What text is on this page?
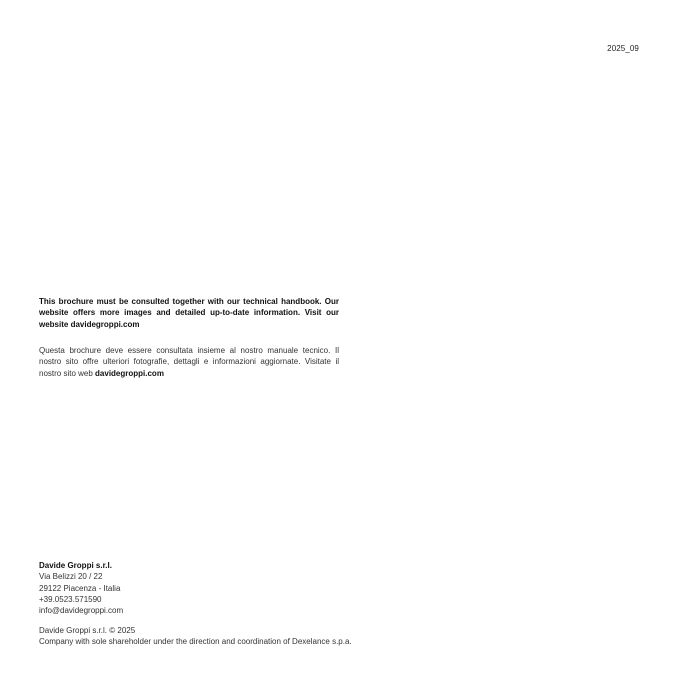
2025_09

This brochure must be consulted together with our technical handbook. Our website offers more images and detailed up-to-date information. Visit our website davidegroppi.com

Questa brochure deve essere consultata insieme al nostro manuale tecnico. Il nostro sito offre ulteriori fotografie, dettagli e informazioni aggiornate. Visitate il nostro sito web davidegroppi.com

Davide Groppi s.r.l.
Via Belizzi 20 / 22
29122 Piacenza - Italia
+39.0523.571590
info@davidegroppi.com
Davide Groppi s.r.l. © 2025
Company with sole shareholder under the direction and coordination of Dexelance s.p.a.
